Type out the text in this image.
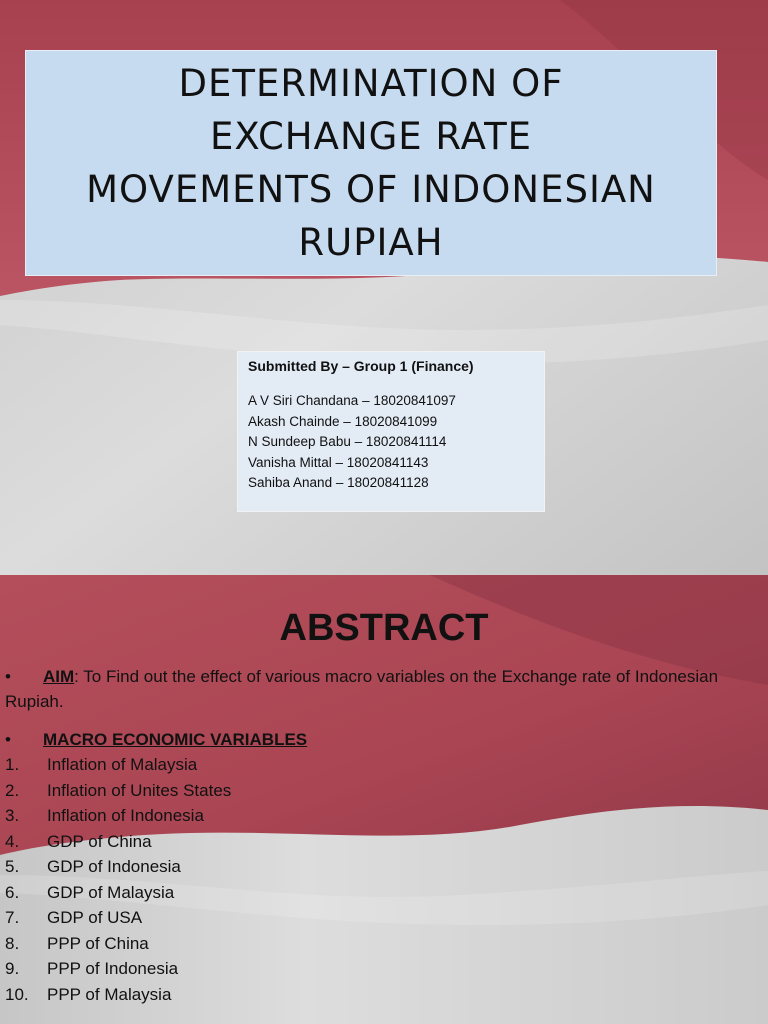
DETERMINATION OF
EXCHANGE RATE
MOVEMENTS OF INDONESIAN
RUPIAH

Submitted By – Group 1 (Finance)

A V Siri Chandana – 18020841097

Akash Chainde – 18020841099

N Sundeep Babu – 18020841114

Vanisha Mittal – 18020841143

Sahiba Anand – 18020841128

ABSTRACT

• AIM: To Find out the effect of various macro variables on the Exchange rate of Indonesian Rupiah.

• MACRO ECONOMIC VARIABLES

1.	Inflation of Malaysia
2.	Inflation of Unites States
3.	Inflation of Indonesia
4.	GDP of China
5.	GDP of Indonesia
6.	GDP of Malaysia
7.	GDP of USA
8.	PPP of China
9.	PPP of Indonesia
10.	PPP of Malaysia
